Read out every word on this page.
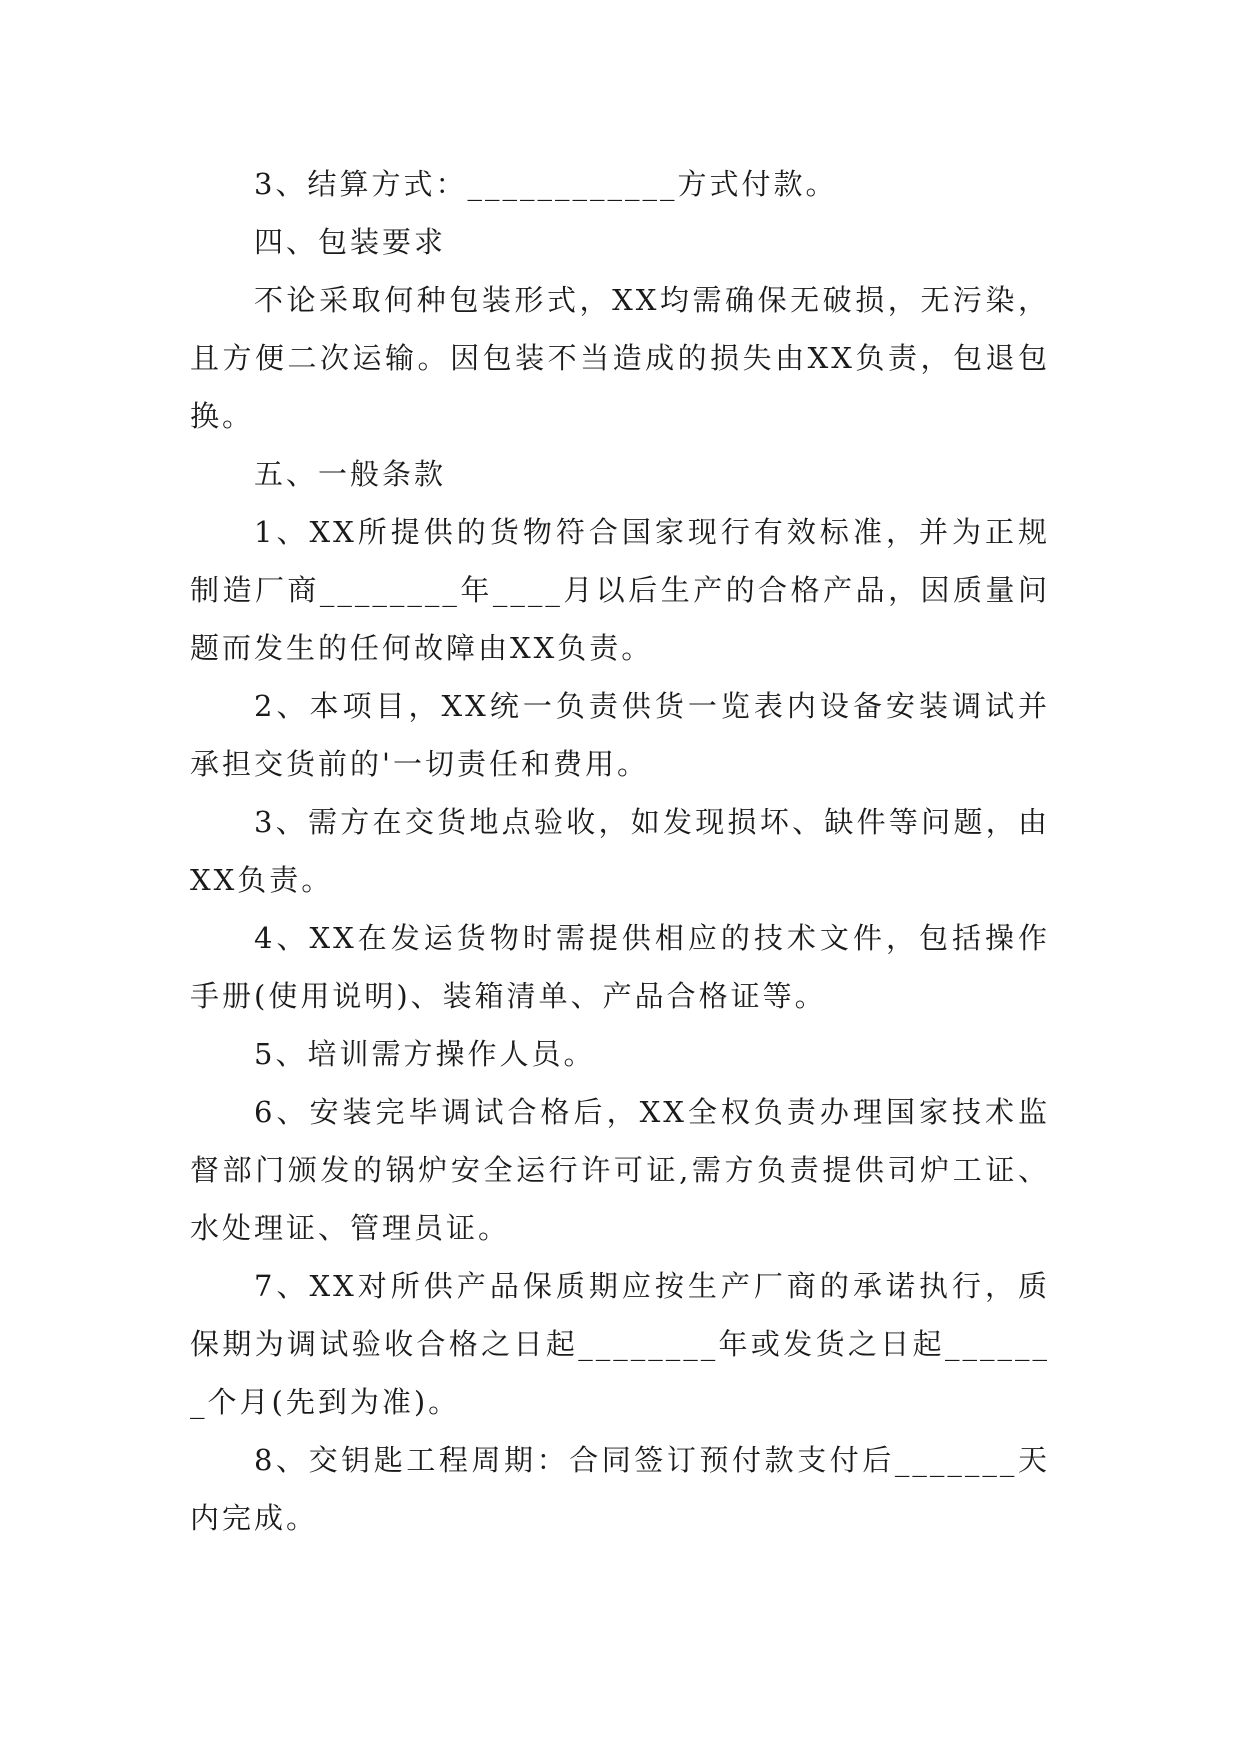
3、结算方式：____________方式付款。

四、包装要求

不论采取何种包装形式，XX均需确保无破损，无污染，且方便二次运输。因包装不当造成的损失由XX负责，包退包换。

五、一般条款

1、XX所提供的货物符合国家现行有效标准，并为正规制造厂商________年____月以后生产的合格产品，因质量问题而发生的任何故障由XX负责。

2、本项目，XX统一负责供货一览表内设备安装调试并承担交货前的'一切责任和费用。

3、需方在交货地点验收，如发现损坏、缺件等问题，由XX负责。

4、XX在发运货物时需提供相应的技术文件，包括操作手册(使用说明)、装箱清单、产品合格证等。

5、培训需方操作人员。

6、安装完毕调试合格后，XX全权负责办理国家技术监督部门颁发的锅炉安全运行许可证,需方负责提供司炉工证、水处理证、管理员证。

7、XX对所供产品保质期应按生产厂商的承诺执行，质保期为调试验收合格之日起________年或发货之日起_______个月(先到为准)。

8、交钥匙工程周期：合同签订预付款支付后_______天内完成。
